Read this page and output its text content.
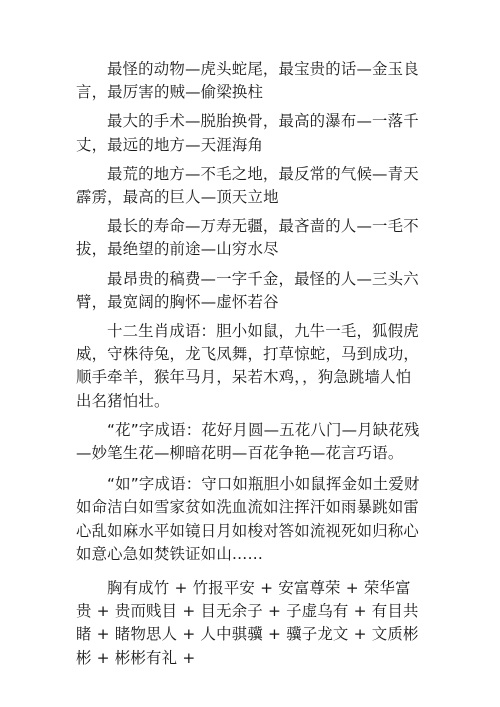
最怪的动物—虎头蛇尾，最宝贵的话—金玉良言，最厉害的贼—偷梁换柱

最大的手术—脱胎换骨，最高的瀑布—一落千丈，最远的地方—天涯海角

最荒的地方—不毛之地，最反常的气候—青天霹雳，最高的巨人—顶天立地

最长的寿命—万寿无疆，最吝啬的人—一毛不拔，最绝望的前途—山穷水尽

最昂贵的稿费—一字千金，最怪的人—三头六臂，最宽阔的胸怀—虚怀若谷

十二生肖成语：胆小如鼠，九牛一毛，狐假虎威，守株待兔，龙飞凤舞，打草惊蛇，马到成功，顺手牵羊，猴年马月，呆若木鸡，，狗急跳墙人怕出名猪怕壮。

“花”字成语：花好月圆—五花八门—月缺花残—妙笔生花—柳暗花明—百花争艳—花言巧语。

“如”字成语：守口如瓶胆小如鼠挥金如土爱财如命洁白如雪家贫如洗血流如注挥汗如雨暴跳如雷心乱如麻水平如镜日月如梭对答如流视死如归称心如意心急如焚铁证如山……

胸有成竹 + 竹报平安 + 安富尊荣 + 荣华富贵 + 贵而贱目 + 目无余子 + 子虚乌有 + 有目共睹 + 睹物思人 + 人中骐骥 + 骥子龙文 + 文质彬彬 + 彬彬有礼 +
